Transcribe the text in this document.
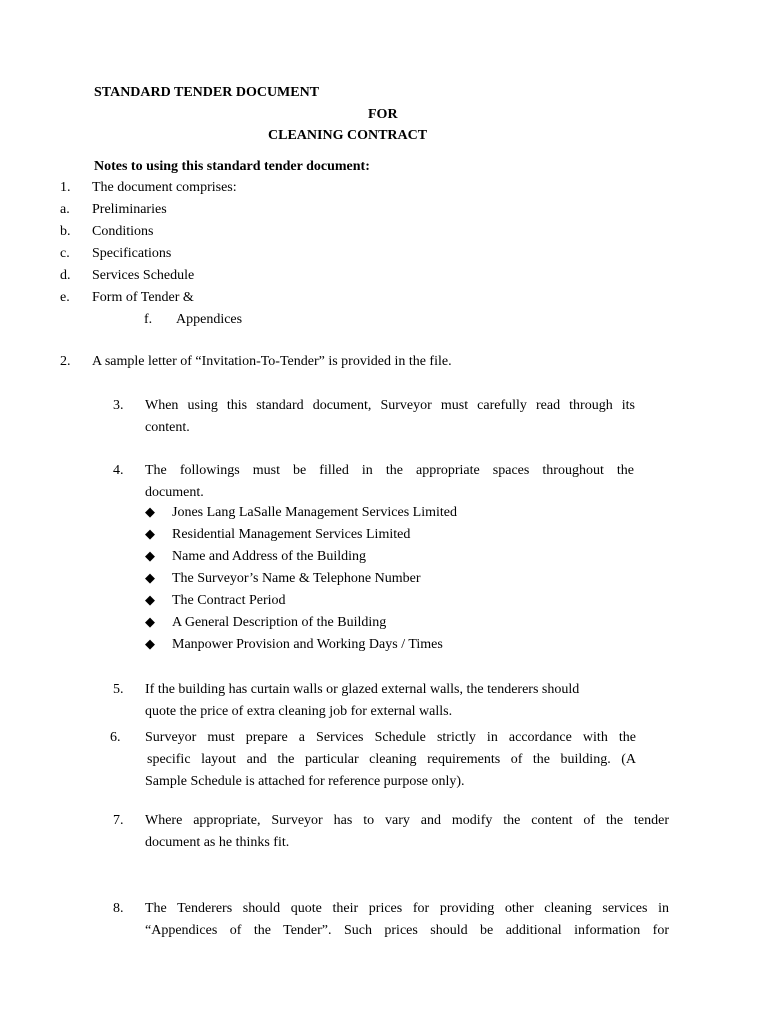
STANDARD TENDER DOCUMENT
FOR
CLEANING CONTRACT
Notes to using this standard tender document:
1. The document comprises:
a. Preliminaries
b. Conditions
c. Specifications
d. Services Schedule
e. Form of Tender &
f. Appendices
2. A sample letter of “Invitation-To-Tender” is provided in the file.
3. When using this standard document, Surveyor must carefully read through its
content.
4. The followings must be filled in the appropriate spaces throughout the
document.
◆ Jones Lang LaSalle Management Services Limited
◆ Residential Management Services Limited
◆ Name and Address of the Building
◆ The Surveyor’s Name & Telephone Number
◆ The Contract Period
◆ A General Description of the Building
◆ Manpower Provision and Working Days / Times
5. If the building has curtain walls or glazed external walls, the tenderers should
quote the price of extra cleaning job for external walls.
6. Surveyor must prepare a Services Schedule strictly in accordance with the
specific layout and the particular cleaning requirements of the building. (A
Sample Schedule is attached for reference purpose only).
7. Where appropriate, Surveyor has to vary and modify the content of the tender
document as he thinks fit.
8. The Tenderers should quote their prices for providing other cleaning services in
“Appendices of the Tender”. Such prices should be additional information for
